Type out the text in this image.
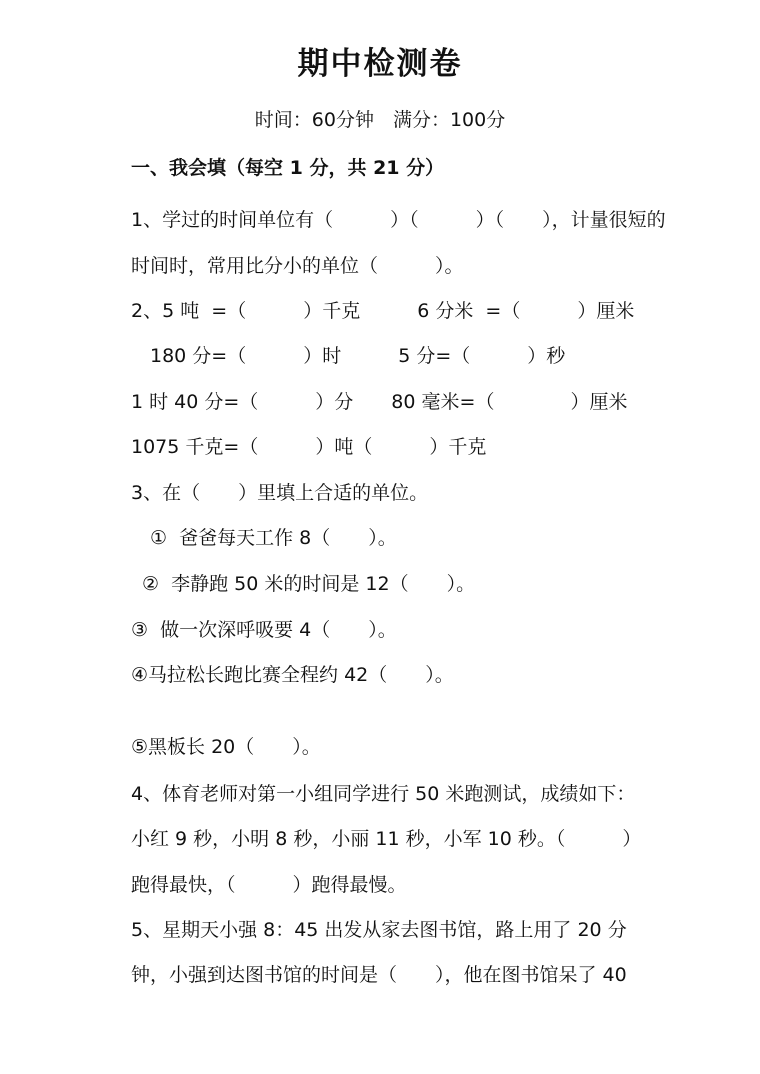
期中检测卷
时间：60分钟　满分：100分
一、我会填（每空 1 分，共 21 分）
1、学过的时间单位有（　　　）（　　　）（　　），计量很短的
时间时，常用比分小的单位（　　　）。
2、5 吨  =（　　　）千克　　　6 分米  =（　　　）厘米
180 分=（　　　）时　　　5 分=（　　　）秒
1 时 40 分=（　　　）分　　80 毫米=（　　　　）厘米
1075 千克=（　　　）吨（　　　）千克
3、在（　　）里填上合适的单位。
①  爸爸每天工作 8（　　）。
②  李静跑 50 米的时间是 12（　　）。
③  做一次深呼吸要 4（　　）。
④马拉松长跑比赛全程约 42（　　）。
⑤黑板长 20（　　）。
4、体育老师对第一小组同学进行 50 米跑测试，成绩如下：
小红 9 秒，小明 8 秒，小丽 11 秒，小军 10 秒。（　　　）
跑得最快，（　　　）跑得最慢。
5、星期天小强 8：45 出发从家去图书馆，路上用了 20 分
钟，小强到达图书馆的时间是（　　），他在图书馆呆了 40
